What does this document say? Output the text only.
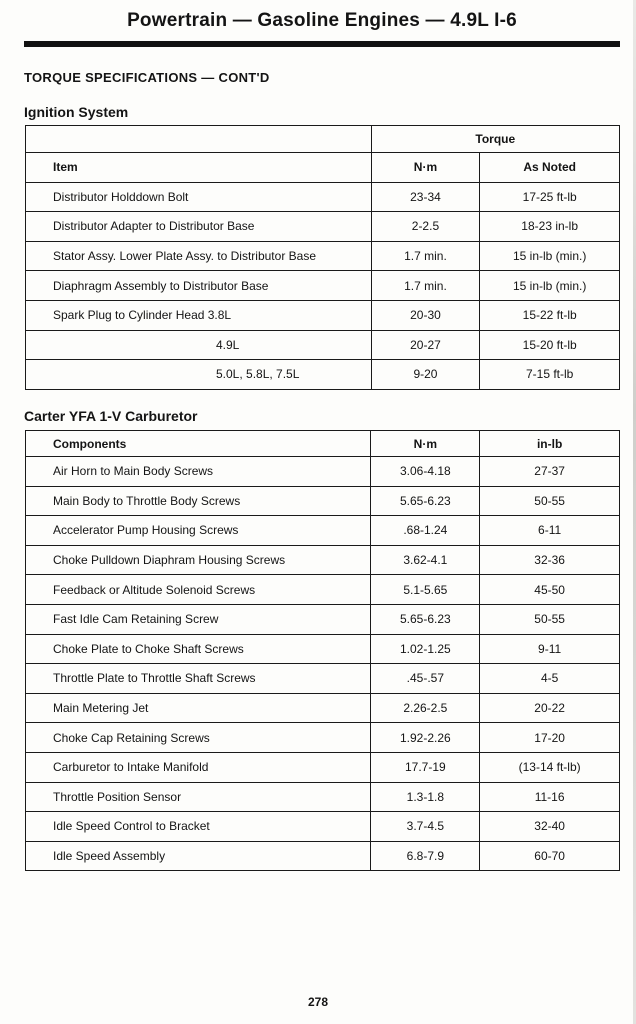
Powertrain — Gasoline Engines — 4.9L I-6
TORQUE SPECIFICATIONS — CONT'D
Ignition System
	Torque	
Item	N·m	As Noted
Distributor Holddown Bolt	23-34	17-25 ft-lb
Distributor Adapter to Distributor Base	2-2.5	18-23 in-lb
Stator Assy. Lower Plate Assy. to Distributor Base	1.7 min.	15 in-lb (min.)
Diaphragm Assembly to Distributor Base	1.7 min.	15 in-lb (min.)
Spark Plug to Cylinder Head 3.8L	20-30	15-22 ft-lb
4.9L	20-27	15-20 ft-lb
5.0L, 5.8L, 7.5L	9-20	7-15 ft-lb
Carter YFA 1-V Carburetor
Components	N·m	in-lb
Air Horn to Main Body Screws	3.06-4.18	27-37
Main Body to Throttle Body Screws	5.65-6.23	50-55
Accelerator Pump Housing Screws	.68-1.24	6-11
Choke Pulldown Diaphram Housing Screws	3.62-4.1	32-36
Feedback or Altitude Solenoid Screws	5.1-5.65	45-50
Fast Idle Cam Retaining Screw	5.65-6.23	50-55
Choke Plate to Choke Shaft Screws	1.02-1.25	9-11
Throttle Plate to Throttle Shaft Screws	.45-.57	4-5
Main Metering Jet	2.26-2.5	20-22
Choke Cap Retaining Screws	1.92-2.26	17-20
Carburetor to Intake Manifold	17.7-19	(13-14 ft-lb)
Throttle Position Sensor	1.3-1.8	11-16
Idle Speed Control to Bracket	3.7-4.5	32-40
Idle Speed Assembly	6.8-7.9	60-70
278
